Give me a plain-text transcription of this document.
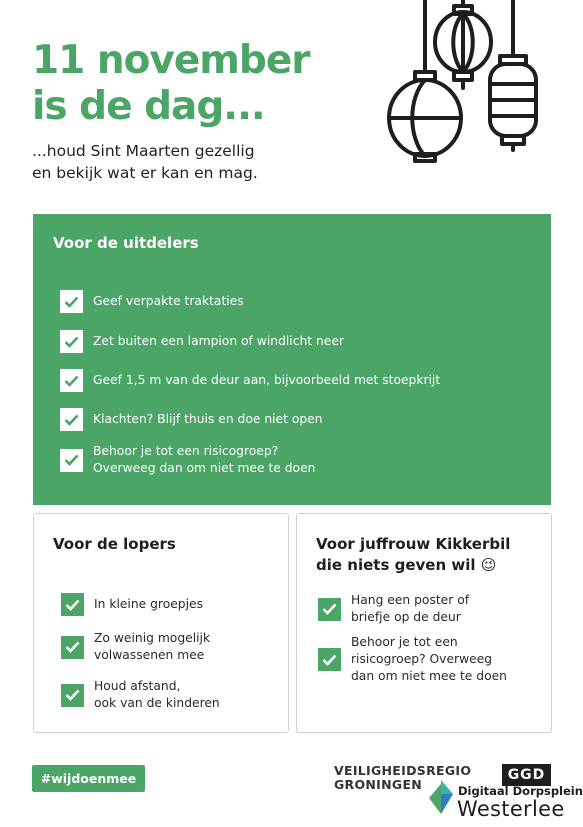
11 november
is de dag...
...houd Sint Maarten gezellig
en bekijk wat er kan en mag.
Voor de uitdelers
Geef verpakte traktaties
Zet buiten een lampion of windlicht neer
Geef 1,5 m van de deur aan, bijvoorbeeld met stoepkrijt
Klachten? Blijf thuis en doe niet open
Behoor je tot een risicogroep?
Overweeg dan om niet mee te doen
Voor de lopers
In kleine groepjes
Zo weinig mogelijk
volwassenen mee
Houd afstand,
ook van de kinderen
Voor juffrouw Kikkerbil
die niets geven wil 😉
Hang een poster of
briefje op de deur
Behoor je tot een
risicogroep? Overweeg
dan om niet mee te doen
#wijdoenmee
VEILIGHEIDSREGIO
GRONINGEN
GGD
Digitaal Dorpsplein
Westerlee
